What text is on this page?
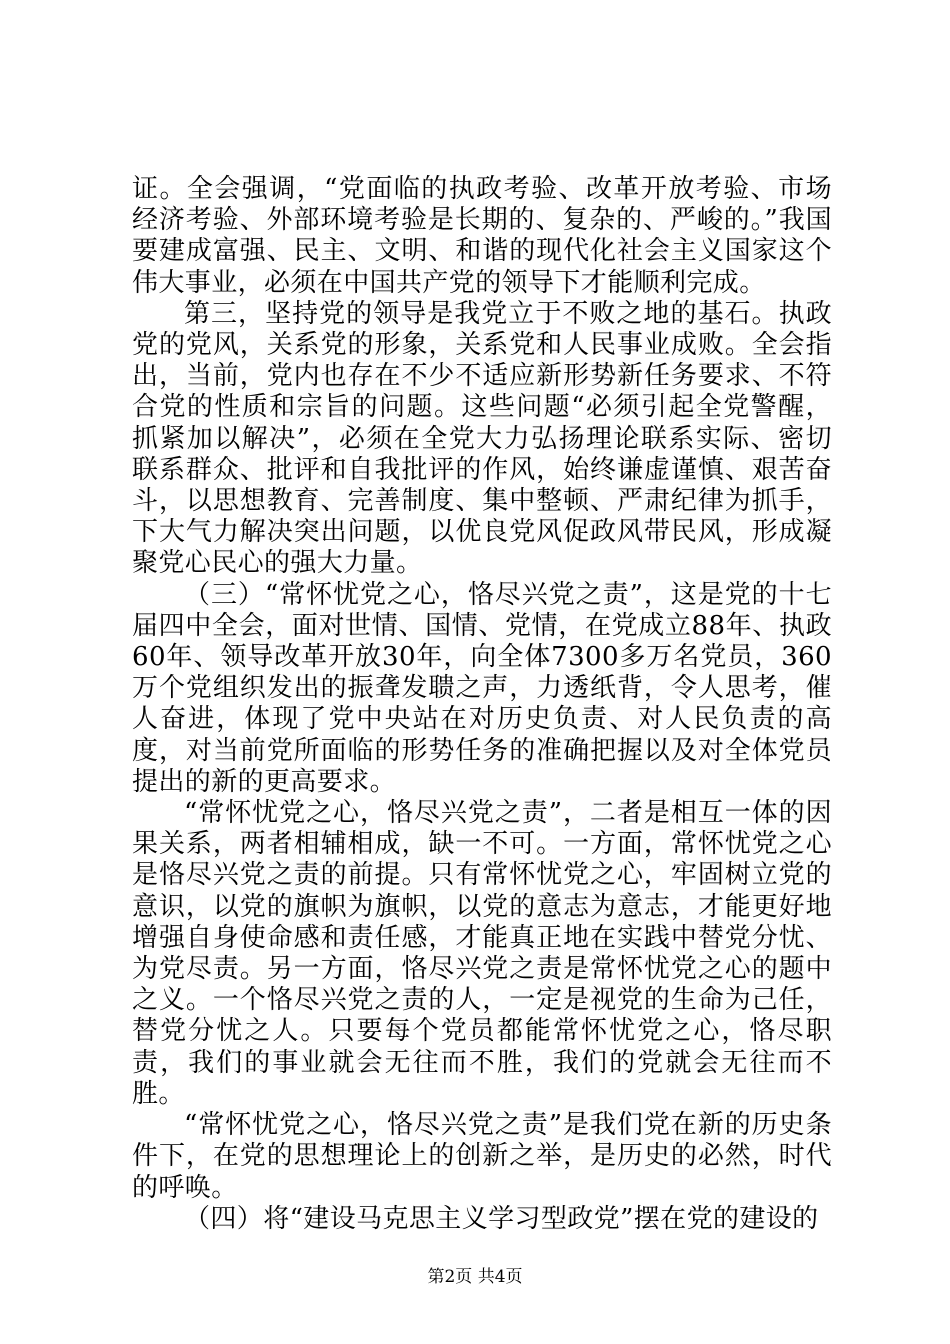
证。全会强调，“党面临的执政考验、改革开放考验、市场经济考验、外部环境考验是长期的、复杂的、严峻的。”我国要建成富强、民主、文明、和谐的现代化社会主义国家这个伟大事业，必须在中国共产党的领导下才能顺利完成。

第三，坚持党的领导是我党立于不败之地的基石。执政党的党风，关系党的形象，关系党和人民事业成败。全会指出，当前，党内也存在不少不适应新形势新任务要求、不符合党的性质和宗旨的问题。这些问题“必须引起全党警醒，抓紧加以解决”，必须在全党大力弘扬理论联系实际、密切联系群众、批评和自我批评的作风，始终谦虚谨慎、艰苦奋斗，以思想教育、完善制度、集中整顿、严肃纪律为抓手，下大气力解决突出问题，以优良党风促政风带民风，形成凝聚党心民心的强大力量。

（三）“常怀忧党之心，恪尽兴党之责”，这是党的十七届四中全会，面对世情、国情、党情，在党成立88年、执政60年、领导改革开放30年，向全体7300多万名党员，360万个党组织发出的振聋发聩之声，力透纸背，令人思考，催人奋进，体现了党中央站在对历史负责、对人民负责的高度，对当前党所面临的形势任务的准确把握以及对全体党员提出的新的更高要求。

“常怀忧党之心，恪尽兴党之责”，二者是相互一体的因果关系，两者相辅相成，缺一不可。一方面，常怀忧党之心是恪尽兴党之责的前提。只有常怀忧党之心，牢固树立党的意识，以党的旗帜为旗帜，以党的意志为意志，才能更好地增强自身使命感和责任感，才能真正地在实践中替党分忧、为党尽责。另一方面，恪尽兴党之责是常怀忧党之心的题中之义。一个恪尽兴党之责的人，一定是视党的生命为己任，替党分忧之人。只要每个党员都能常怀忧党之心，恪尽职责，我们的事业就会无往而不胜，我们的党就会无往而不胜。

“常怀忧党之心，恪尽兴党之责”是我们党在新的历史条件下，在党的思想理论上的创新之举，是历史的必然，时代的呼唤。

（四）将“建设马克思主义学习型政党”摆在党的建设的

第2页 共4页
